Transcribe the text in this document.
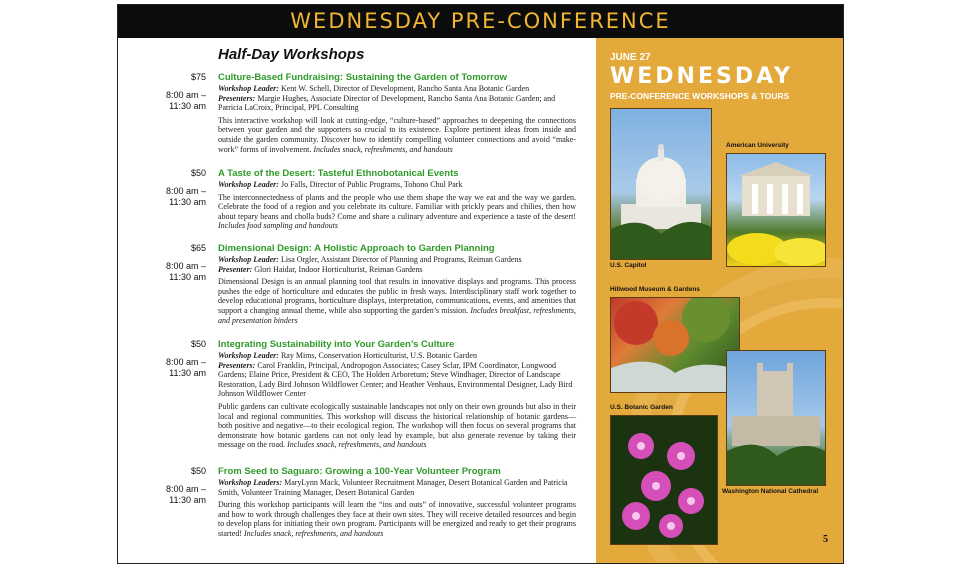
WEDNESDAY PRE-CONFERENCE
Half-Day Workshops
$75
8:00 am –
11:30 am

Culture-Based Fundraising: Sustaining the Garden of Tomorrow

Workshop Leader: Kent W. Schell, Director of Development, Rancho Santa Ana Botanic Garden

Presenters: Margie Hughes, Associate Director of Development, Rancho Santa Ana Botanic Garden; and Patricia LaCroix, Principal, PPL Consulting

This interactive workshop will look at cutting-edge, “culture-based” approaches to deepening the connections between your garden and the supporters so crucial to its existence. Explore pertinent ideas from inside and outside the garden community. Discover how to identify compelling volunteer connections and avoid “make-work” forms of involvement. Includes snack, refreshments, and handouts

$50
8:00 am –
11:30 am

A Taste of the Desert: Tasteful Ethnobotanical Events

Workshop Leader: Jo Falls, Director of Public Programs, Tohono Chul Park

The interconnectedness of plants and the people who use them shape the way we eat and the way we garden. Celebrate the food of a region and you celebrate its culture. Familiar with prickly pears and chilies, then how about tepary beans and cholla buds? Come and share a culinary adventure and experience a taste of the desert! Includes food sampling and handouts

$65
8:00 am –
11:30 am

Dimensional Design: A Holistic Approach to Garden Planning

Workshop Leader: Lisa Orgler, Assistant Director of Planning and Programs, Reiman Gardens

Presenter: Glori Haidar, Indoor Horticulturist, Reiman Gardens

Dimensional Design is an annual planning tool that results in innovative displays and programs. This process pushes the edge of horticulture and educates the public in fresh ways. Interdisciplinary staff work together to develop educational programs, horticulture displays, interpretation, communications, events, and amenities that support a changing annual theme, while also supporting the garden’s mission. Includes breakfast, refreshments, and presentation binders

$50
8:00 am –
11:30 am

Integrating Sustainability into Your Garden’s Culture

Workshop Leader: Ray Mims, Conservation Horticulturist, U.S. Botanic Garden

Presenters: Carol Franklin, Principal, Andropogon Associates; Casey Sclar, IPM Coordinator, Longwood Gardens; Elaine Price, President & CEO, The Holden Arboretum; Steve Windhager, Director of Landscape Restoration, Lady Bird Johnson Wildflower Center; and Heather Venhaus, Environmental Designer, Lady Bird Johnson Wildflower Center

Public gardens can cultivate ecologically sustainable landscapes not only on their own grounds but also in their local and regional communities. This workshop will discuss the historical relationship of botanic gardens—both positive and negative—to their ecological region. The workshop will then focus on several programs that demonstrate how botanic gardens can not only lead by example, but also generate revenue by taking their message on the road. Includes snack, refreshments, and handouts

$50
8:00 am –
11:30 am

From Seed to Saguaro: Growing a 100-Year Volunteer Program

Workshop Leaders: MaryLynn Mack, Volunteer Recruitment Manager, Desert Botanical Garden and Patricia Smith, Volunteer Training Manager, Desert Botanical Garden

During this workshop participants will learn the “ins and outs” of innovative, successful volunteer programs and how to work through challenges they face at their own sites. They will receive detailed resources and begin to develop plans for initiating their own program. Participants will be energized and ready to get their programs started! Includes snack, refreshments, and handouts

JUNE 27
WEDNESDAY
PRE-CONFERENCE WORKSHOPS & TOURS
U.S. Capitol
American University
Hillwood Museum & Gardens
Washington National Cathedral
U.S. Botanic Garden
5
